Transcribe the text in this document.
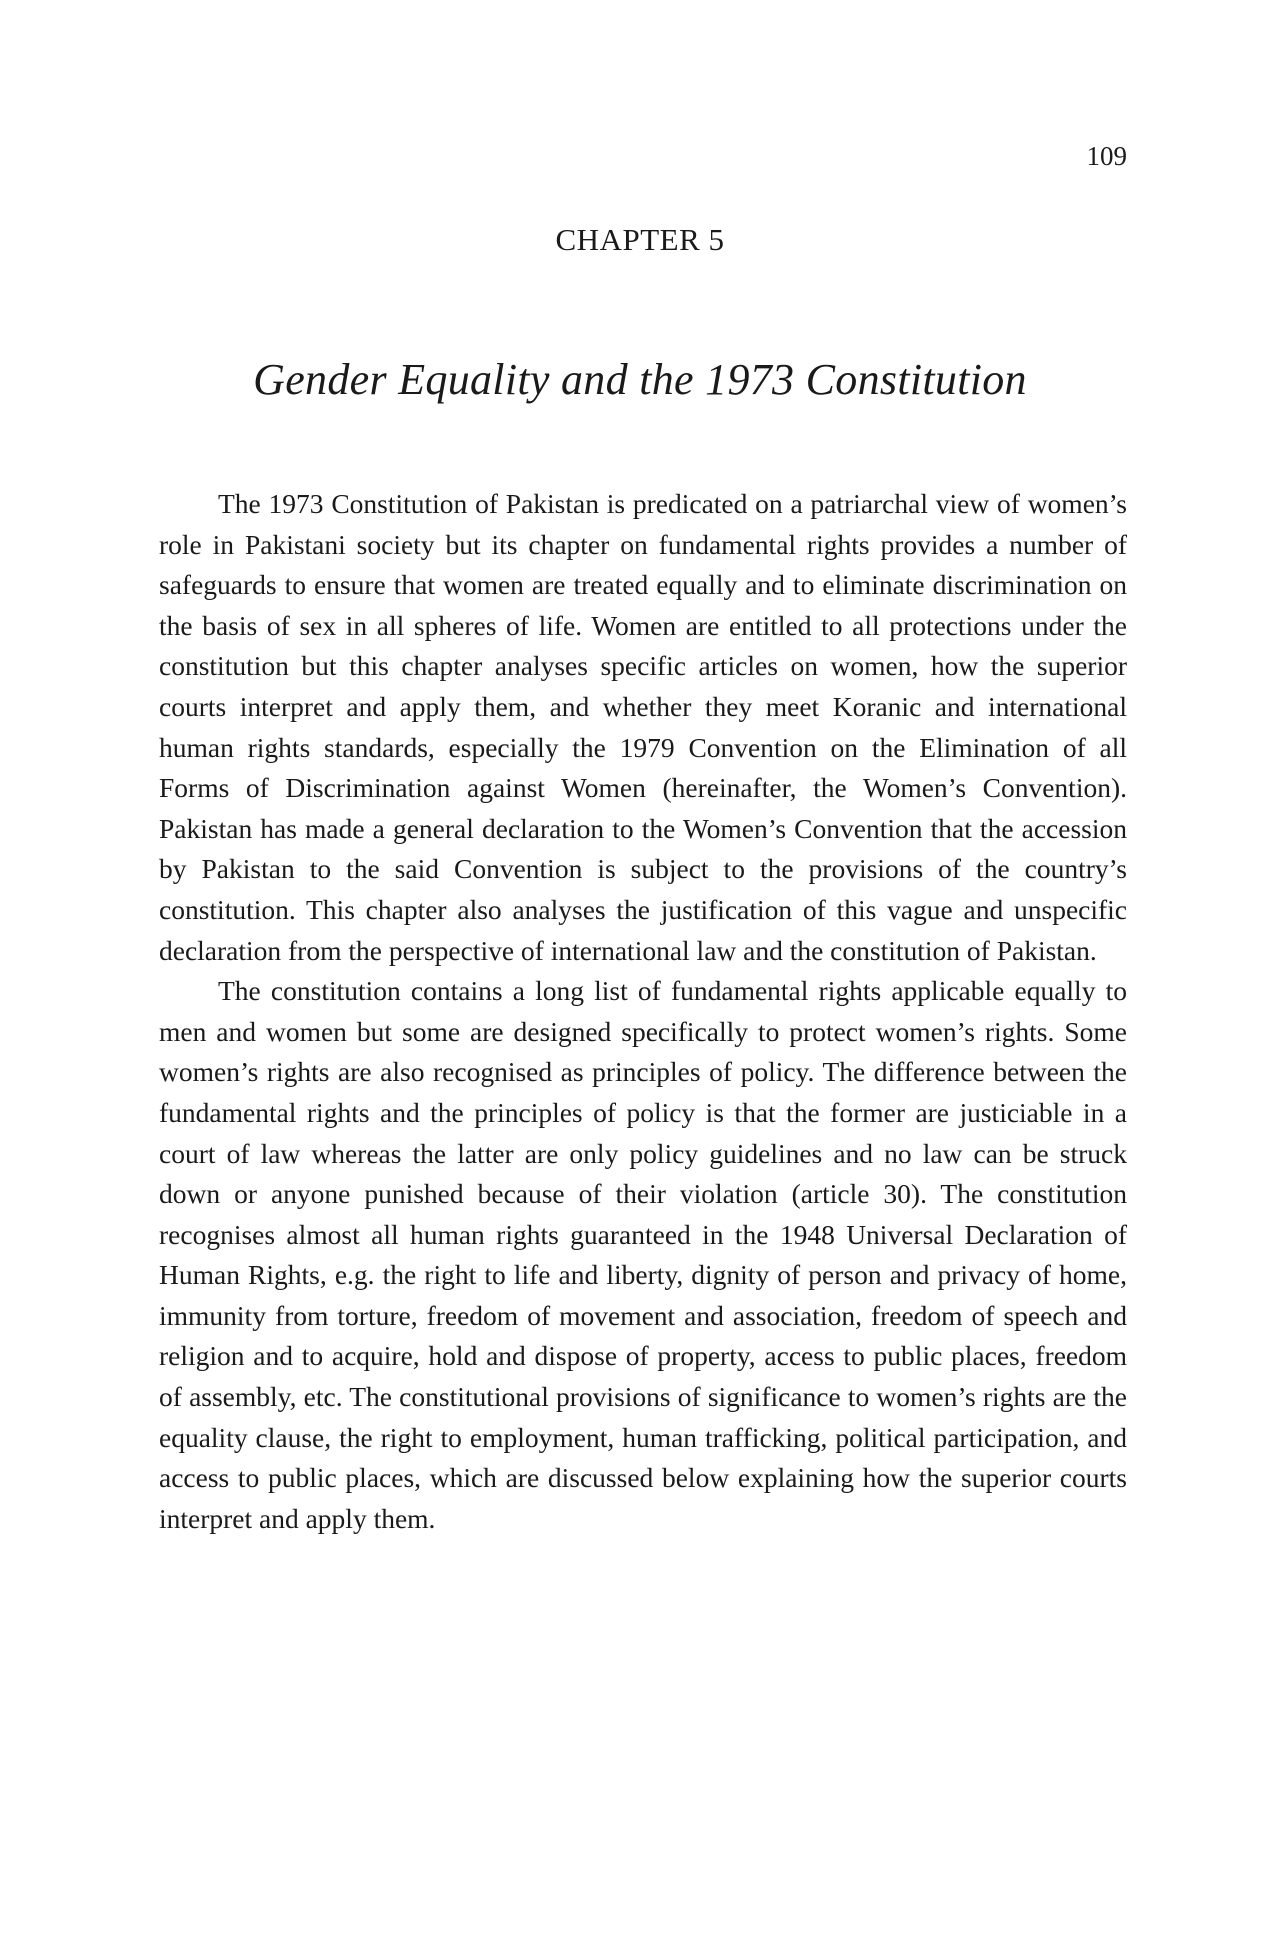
109
CHAPTER 5
Gender Equality and the 1973 Constitution

The 1973 Constitution of Pakistan is predicated on a patriarchal view of women’s role in Pakistani society but its chapter on fundamental rights provides a number of safeguards to ensure that women are treated equally and to eliminate discrimination on the basis of sex in all spheres of life. Women are entitled to all protections under the constitution but this chapter analyses specific articles on women, how the superior courts interpret and apply them, and whether they meet Koranic and international human rights standards, especially the 1979 Convention on the Elimination of all Forms of Discrimination against Women (hereinafter, the Women’s Convention). Pakistan has made a general declaration to the Women’s Convention that the accession by Pakistan to the said Convention is subject to the provisions of the country’s constitution. This chapter also analyses the justification of this vague and unspecific declaration from the perspective of international law and the constitution of Pakistan.

The constitution contains a long list of fundamental rights applicable equally to men and women but some are designed specifically to protect women’s rights. Some women’s rights are also recognised as principles of policy. The difference between the fundamental rights and the principles of policy is that the former are justiciable in a court of law whereas the latter are only policy guidelines and no law can be struck down or anyone punished because of their violation (article 30). The constitution recognises almost all human rights guaranteed in the 1948 Universal Declaration of Human Rights, e.g. the right to life and liberty, dignity of person and privacy of home, immunity from torture, freedom of movement and association, freedom of speech and religion and to acquire, hold and dispose of property, access to public places, freedom of assembly, etc. The constitutional provisions of significance to women’s rights are the equality clause, the right to employment, human trafficking, political participation, and access to public places, which are discussed below explaining how the superior courts interpret and apply them.
